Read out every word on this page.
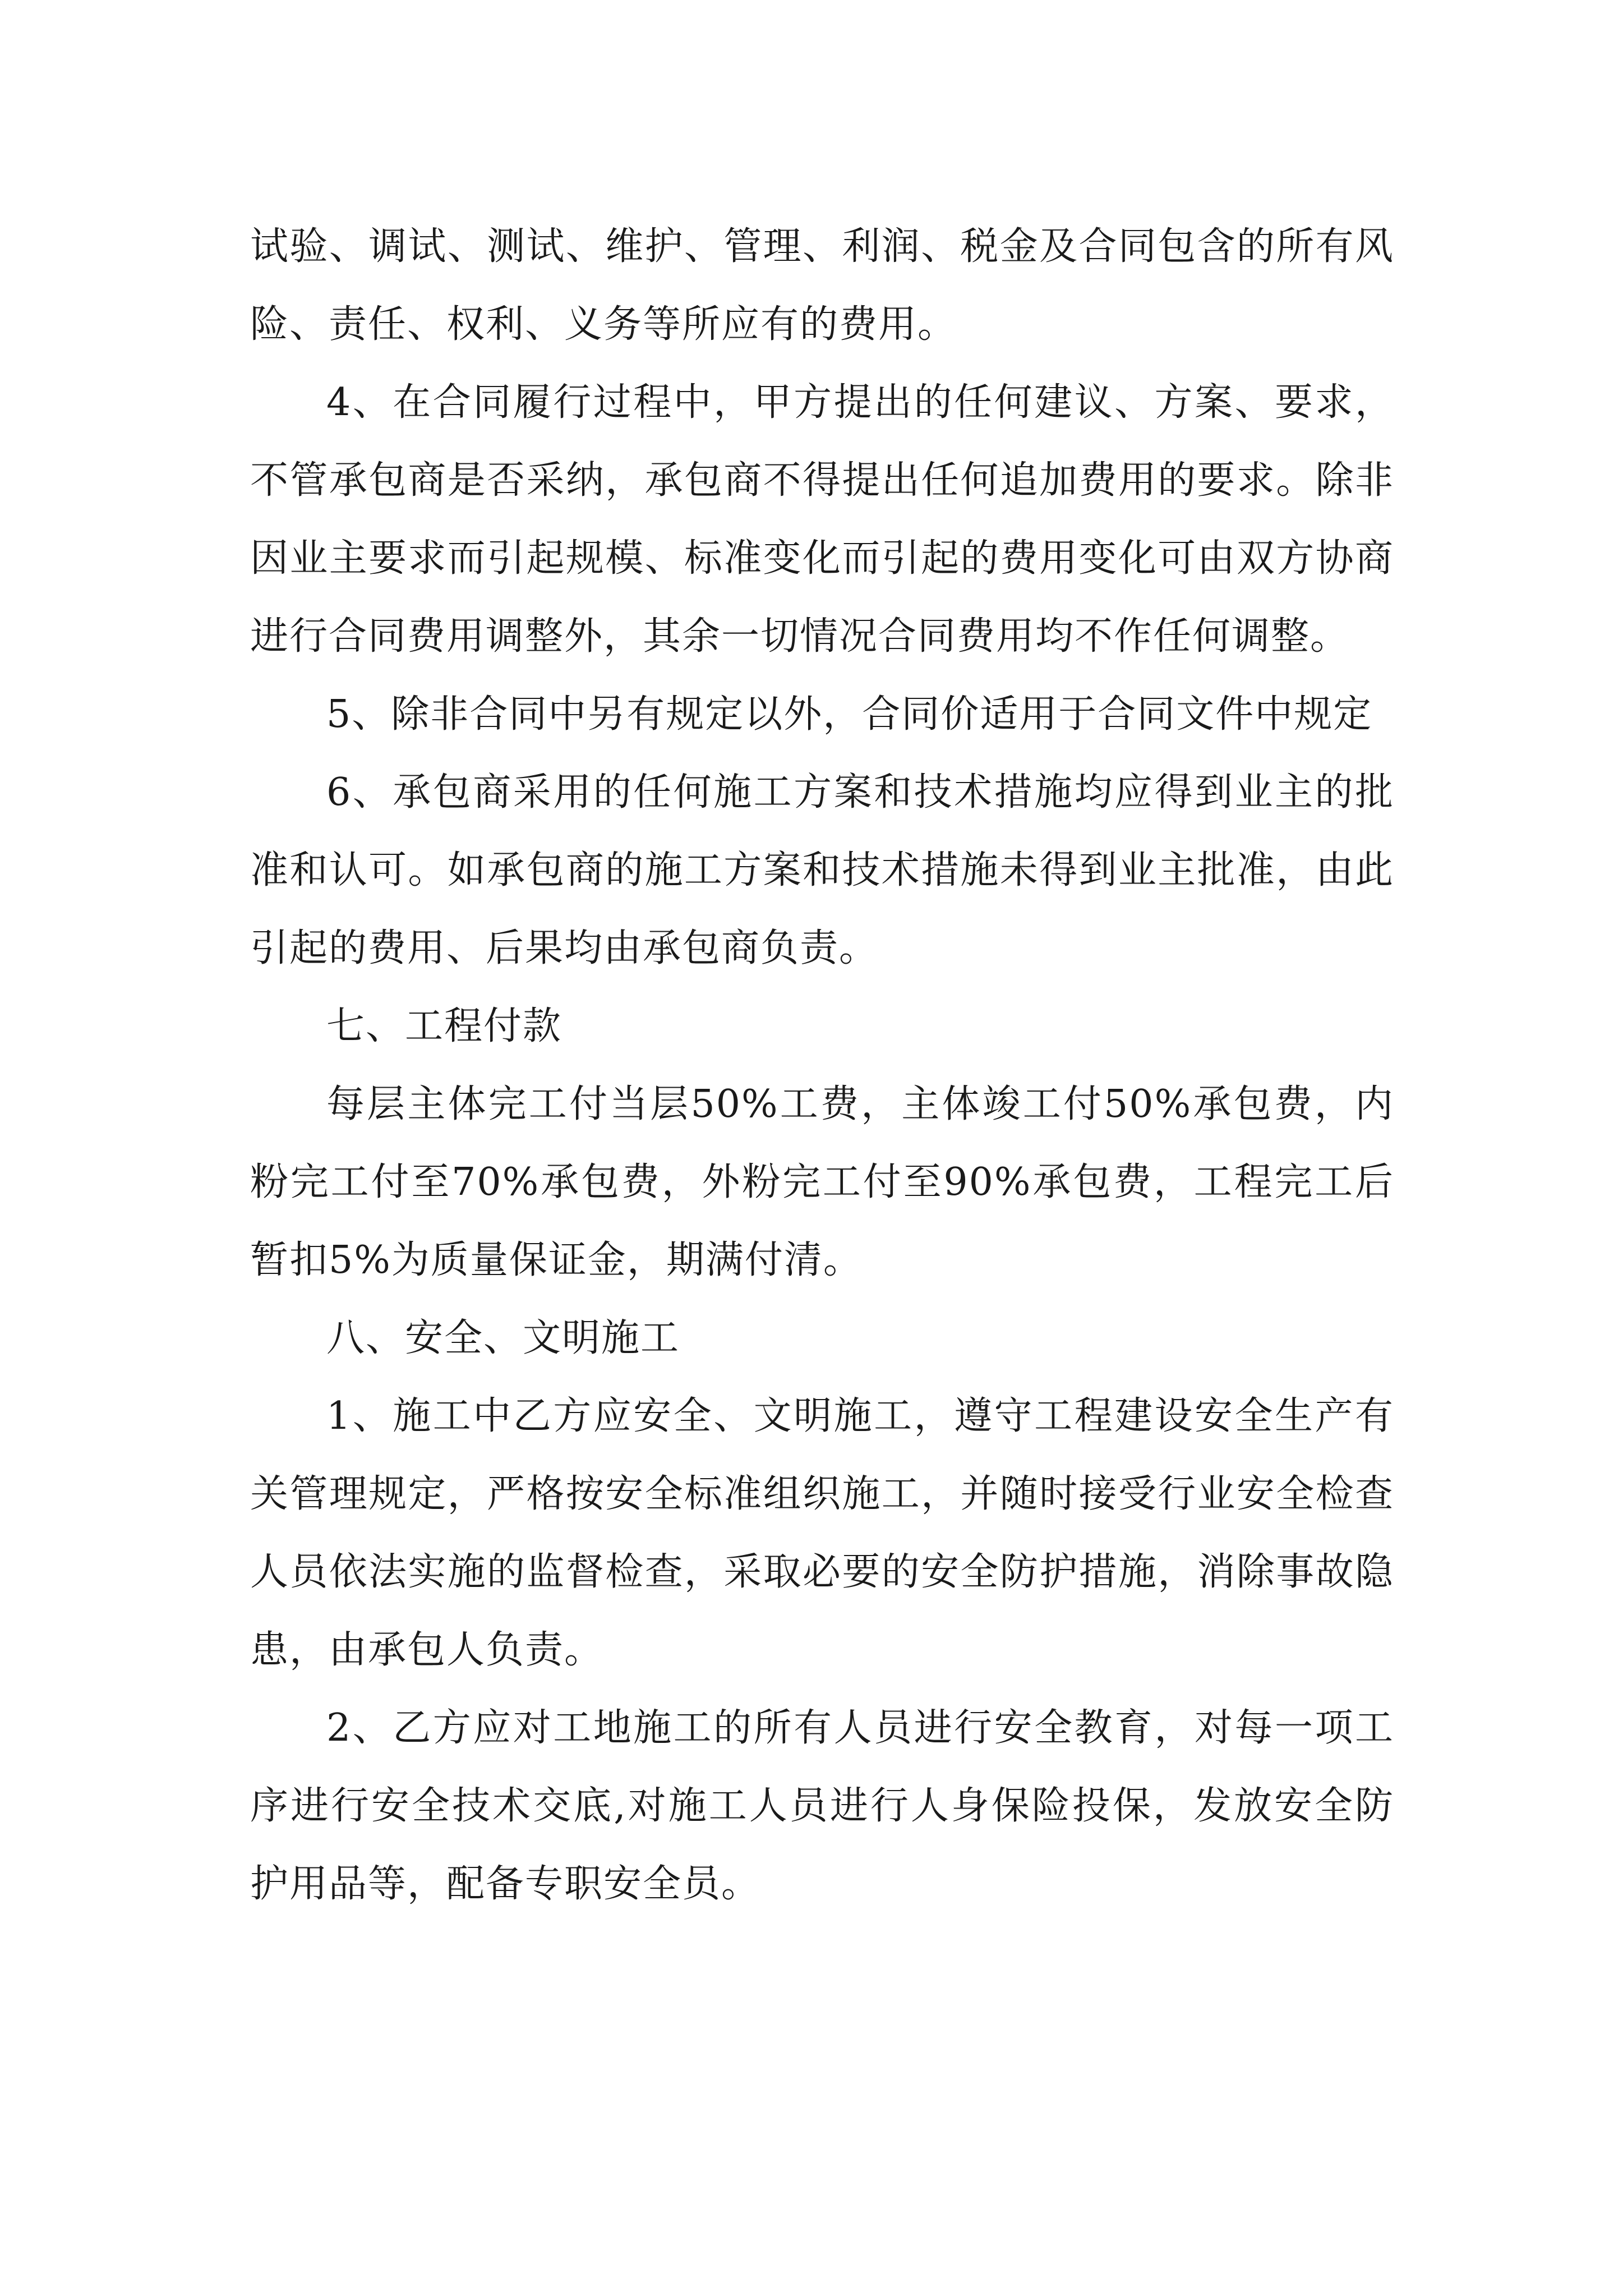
试验、调试、测试、维护、管理、利润、税金及合同包含的所有风险、责任、权利、义务等所应有的费用。

4、在合同履行过程中，甲方提出的任何建议、方案、要求，不管承包商是否采纳，承包商不得提出任何追加费用的要求。除非因业主要求而引起规模、标准变化而引起的费用变化可由双方协商进行合同费用调整外，其余一切情况合同费用均不作任何调整。

5、除非合同中另有规定以外，合同价适用于合同文件中规定

6、承包商采用的任何施工方案和技术措施均应得到业主的批准和认可。如承包商的施工方案和技术措施未得到业主批准，由此引起的费用、后果均由承包商负责。

七、工程付款

每层主体完工付当层50%工费，主体竣工付50%承包费，内粉完工付至70%承包费，外粉完工付至90%承包费，工程完工后暂扣5%为质量保证金，期满付清。

八、安全、文明施工

1、施工中乙方应安全、文明施工，遵守工程建设安全生产有关管理规定，严格按安全标准组织施工，并随时接受行业安全检查人员依法实施的监督检查，采取必要的安全防护措施，消除事故隐患，由承包人负责。

2、乙方应对工地施工的所有人员进行安全教育，对每一项工序进行安全技术交底,对施工人员进行人身保险投保，发放安全防护用品等，配备专职安全员。
